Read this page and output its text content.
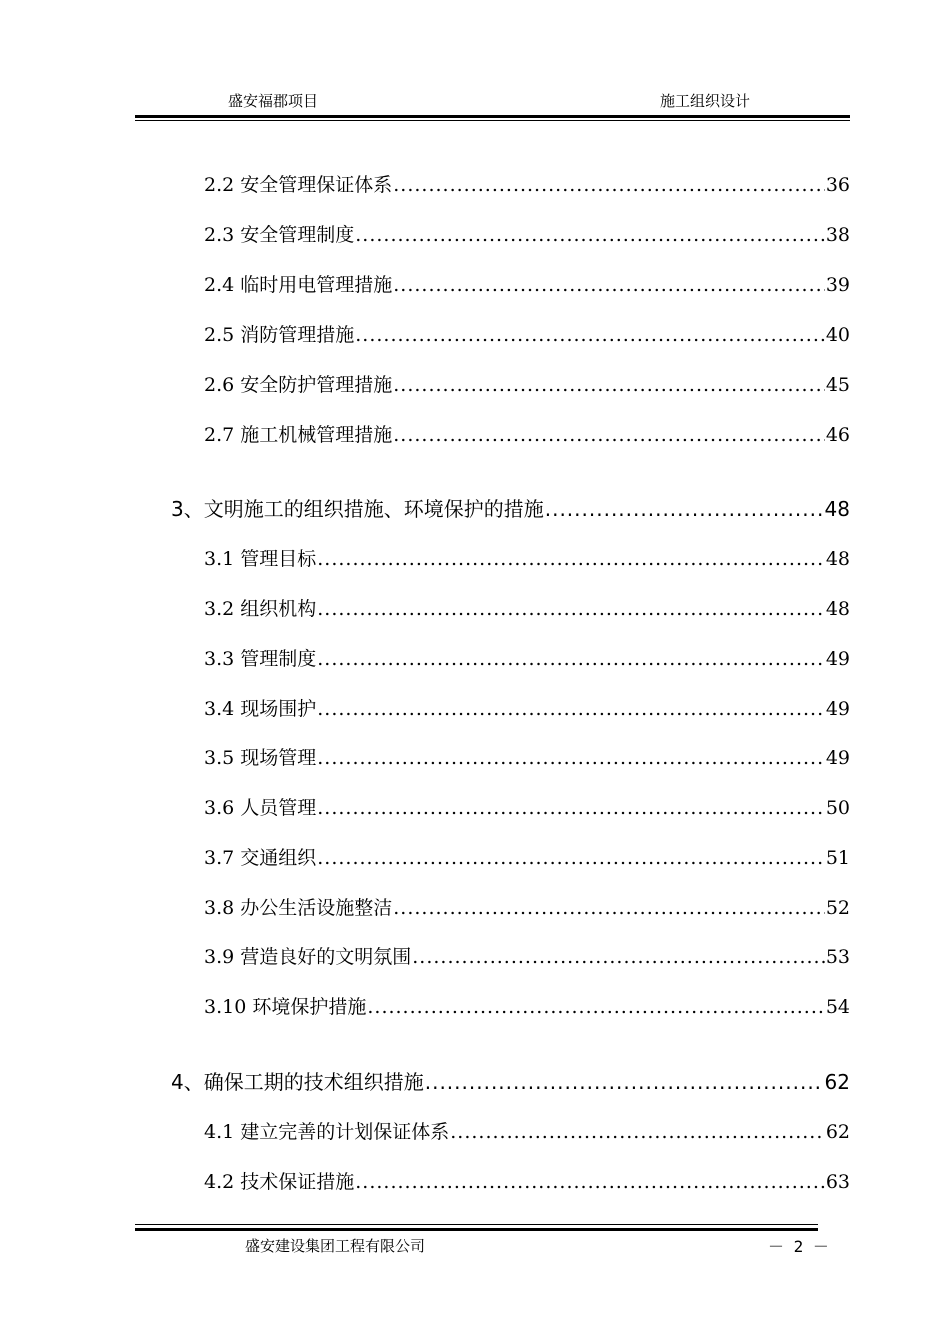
盛安福郡项目	施工组织设计
2.2 安全管理保证体系 .....	36
2.3 安全管理制度 .....	38
2.4 临时用电管理措施 .....	39
2.5 消防管理措施 .....	40
2.6 安全防护管理措施 .....	45
2.7 施工机械管理措施 .....	46
3、文明施工的组织措施、环境保护的措施 .....	48
3.1 管理目标 .....	48
3.2 组织机构 .....	48
3.3 管理制度 .....	49
3.4 现场围护 .....	49
3.5 现场管理 .....	49
3.6 人员管理 .....	50
3.7 交通组织 .....	51
3.8 办公生活设施整洁 .....	52
3.9 营造良好的文明氛围 .....	53
3.10 环境保护措施 .....	54
4、确保工期的技术组织措施 .....	62
4.1 建立完善的计划保证体系 .....	62
4.2 技术保证措施 .....	63
盛安建设集团工程有限公司	－ 2 －
